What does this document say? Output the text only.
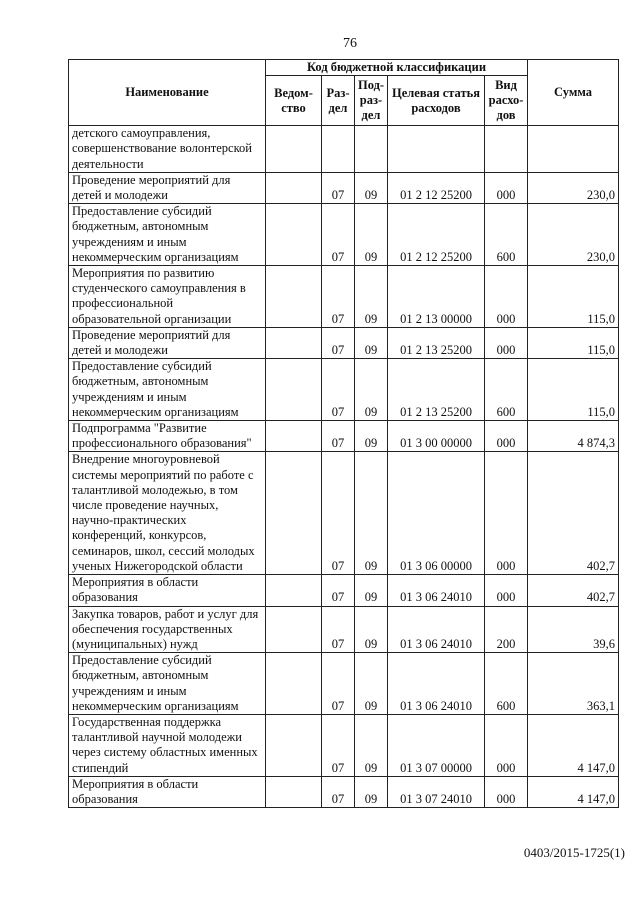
76
Наименование	Код бюджетной классификации					Сумма
	Ведом-ство	Раз-дел	Под-раз-дел	Целевая статья расходов	Вид расхо-дов	
детского самоуправления, совершенствование волонтерской деятельности						
Проведение мероприятий для детей и молодежи		07	09	01 2 12 25200	000	230,0
Предоставление субсидий бюджетным, автономным учреждениям и иным некоммерческим организациям		07	09	01 2 12 25200	600	230,0
Мероприятия по развитию студенческого самоуправления в профессиональной образовательной организации		07	09	01 2 13 00000	000	115,0
Проведение мероприятий для детей и молодежи		07	09	01 2 13 25200	000	115,0
Предоставление субсидий бюджетным, автономным учреждениям и иным некоммерческим организациям		07	09	01 2 13 25200	600	115,0
Подпрограмма "Развитие профессионального образования"		07	09	01 3 00 00000	000	4 874,3
Внедрение многоуровневой системы мероприятий по работе с талантливой молодежью, в том числе проведение научных, научно-практических конференций, конкурсов, семинаров, школ, сессий молодых ученых Нижегородской области		07	09	01 3 06 00000	000	402,7
Мероприятия в области образования		07	09	01 3 06 24010	000	402,7
Закупка товаров, работ и услуг для обеспечения государственных (муниципальных) нужд		07	09	01 3 06 24010	200	39,6
Предоставление субсидий бюджетным, автономным учреждениям и иным некоммерческим организациям		07	09	01 3 06 24010	600	363,1
Государственная поддержка талантливой научной молодежи через систему областных именных стипендий		07	09	01 3 07 00000	000	4 147,0
Мероприятия в области образования		07	09	01 3 07 24010	000	4 147,0
0403/2015-1725(1)
